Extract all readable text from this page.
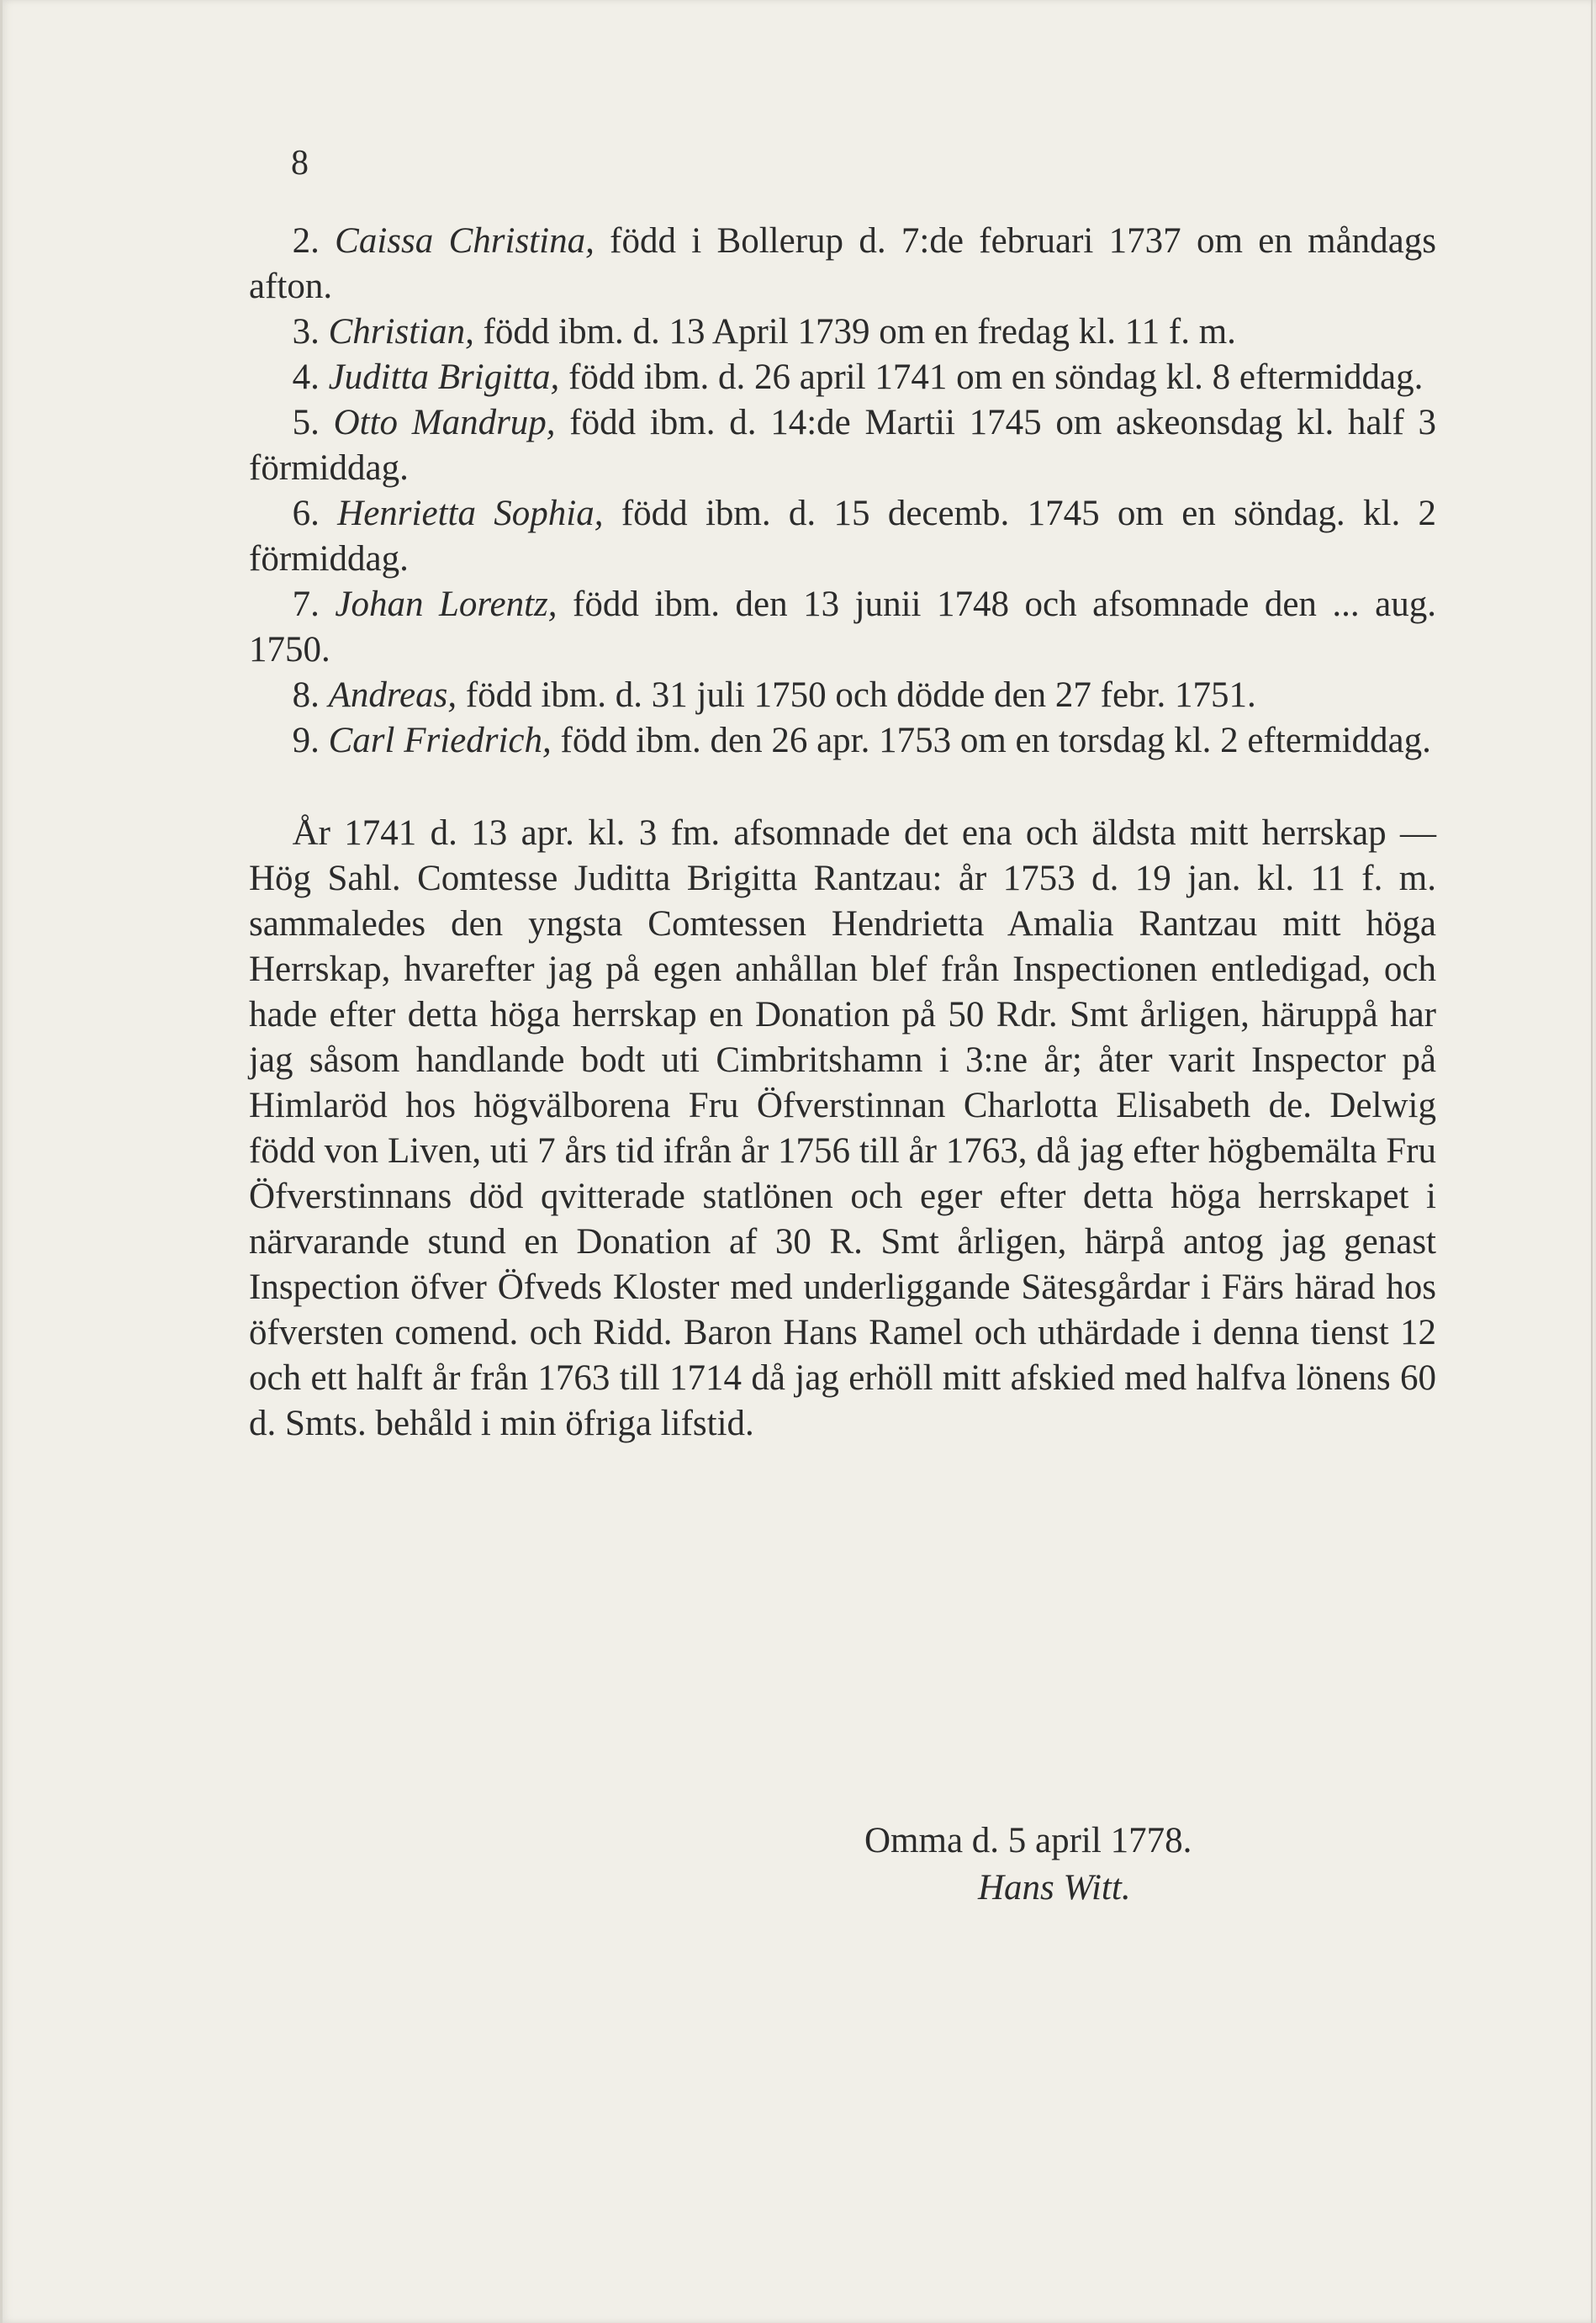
8

2. Caissa Christina, född i Bollerup d. 7:de februari 1737 om en måndags afton.

3. Christian, född ibm. d. 13 April 1739 om en fredag kl. 11 f. m.

4. Juditta Brigitta, född ibm. d. 26 april 1741 om en söndag kl. 8 eftermiddag.

5. Otto Mandrup, född ibm. d. 14:de Martii 1745 om askeonsdag kl. half 3 förmiddag.

6. Henrietta Sophia, född ibm. d. 15 decemb. 1745 om en söndag. kl. 2 förmiddag.

7. Johan Lorentz, född ibm. den 13 junii 1748 och afsomnade den ... aug. 1750.

8. Andreas, född ibm. d. 31 juli 1750 och dödde den 27 febr. 1751.

9. Carl Friedrich, född ibm. den 26 apr. 1753 om en torsdag kl. 2 eftermiddag.

År 1741 d. 13 apr. kl. 3 fm. afsomnade det ena och äldsta mitt herrskap — Hög Sahl. Comtesse Juditta Brigitta Rantzau: år 1753 d. 19 jan. kl. 11 f. m. sammaledes den yngsta Comtessen Hendrietta Amalia Rantzau mitt höga Herrskap, hvarefter jag på egen anhållan blef från Inspectionen entledigad, och hade efter detta höga herrskap en Donation på 50 Rdr. Smt årligen, häruppå har jag såsom handlande bodt uti Cimbritshamn i 3:ne år; åter varit Inspector på Himlaröd hos högvälborena Fru Öfverstinnan Charlotta Elisabeth de. Delwig född von Liven, uti 7 års tid ifrån år 1756 till år 1763, då jag efter högbemälta Fru Öfverstinnans död qvitterade statlönen och eger efter detta höga herrskapet i närvarande stund en Donation af 30 R. Smt årligen, härpå antog jag genast Inspection öfver Öfveds Kloster med underliggande Sätesgårdar i Färs härad hos öfversten comend. och Ridd. Baron Hans Ramel och uthärdade i denna tienst 12 och ett halft år från 1763 till 1714 då jag erhöll mitt afskied med halfva lönens 60 d. Smts. behåld i min öfriga lifstid.

Omma d. 5 april 1778.
Hans Witt.
